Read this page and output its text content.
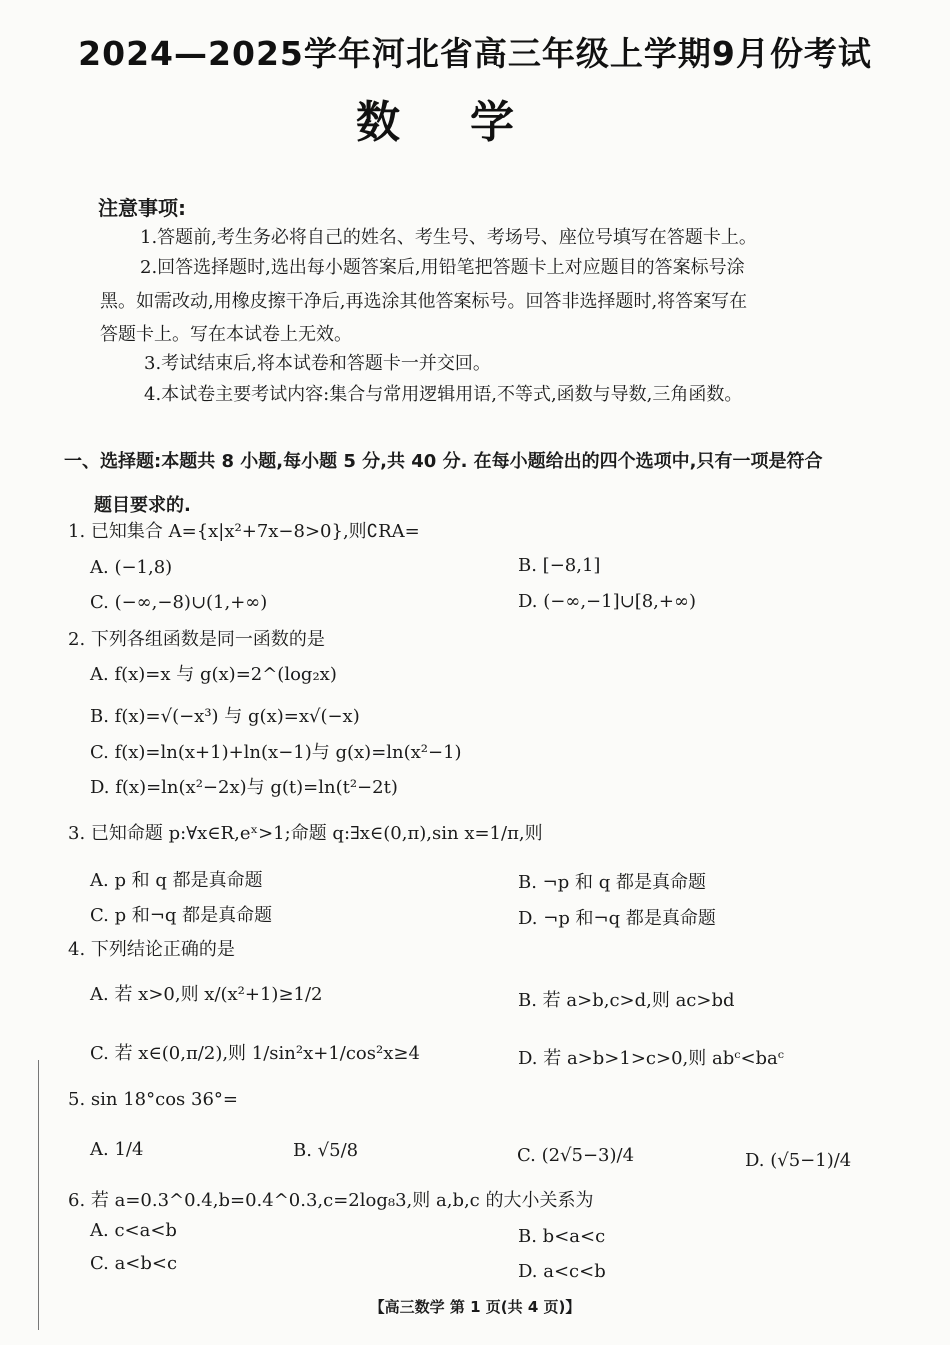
2024—2025学年河北省高三年级上学期9月份考试
数学
注意事项:
1.答题前,考生务必将自己的姓名、考生号、考场号、座位号填写在答题卡上。
2.回答选择题时,选出每小题答案后,用铅笔把答题卡上对应题目的答案标号涂
黑。如需改动,用橡皮擦干净后,再选涂其他答案标号。回答非选择题时,将答案写在
答题卡上。写在本试卷上无效。
3.考试结束后,将本试卷和答题卡一并交回。
4.本试卷主要考试内容:集合与常用逻辑用语,不等式,函数与导数,三角函数。
一、选择题:本题共 8 小题,每小题 5 分,共 40 分. 在每小题给出的四个选项中,只有一项是符合
题目要求的.
1. 已知集合 A={x|x²+7x−8>0},则∁RA=
A. (−1,8)	B. [−8,1]
C. (−∞,−8)∪(1,+∞)	D. (−∞,−1]∪[8,+∞)
2. 下列各组函数是同一函数的是
A. f(x)=x 与 g(x)=2^(log₂x)
B. f(x)=√(−x³) 与 g(x)=x√(−x)
C. f(x)=ln(x+1)+ln(x−1)与 g(x)=ln(x²−1)
D. f(x)=ln(x²−2x)与 g(t)=ln(t²−2t)
3. 已知命题 p:∀x∈R,eˣ>1;命题 q:∃x∈(0,π),sin x=1/π,则
A. p 和 q 都是真命题	B. ¬p 和 q 都是真命题
C. p 和¬q 都是真命题	D. ¬p 和¬q 都是真命题
4. 下列结论正确的是
A. 若 x>0,则 x/(x²+1)≥1/2	B. 若 a>b,c>d,则 ac>bd
C. 若 x∈(0,π/2),则 1/sin²x+1/cos²x≥4	D. 若 a>b>1>c>0,则 abᶜ<baᶜ
5. sin 18°cos 36°=
A. 1/4	B. √5/8	C. (2√5−3)/4	D. (√5−1)/4
6. 若 a=0.3^0.4,b=0.4^0.3,c=2log₈3,则 a,b,c 的大小关系为
A. c<a<b	B. b<a<c
C. a<b<c	D. a<c<b
【高三数学 第 1 页(共 4 页)】
